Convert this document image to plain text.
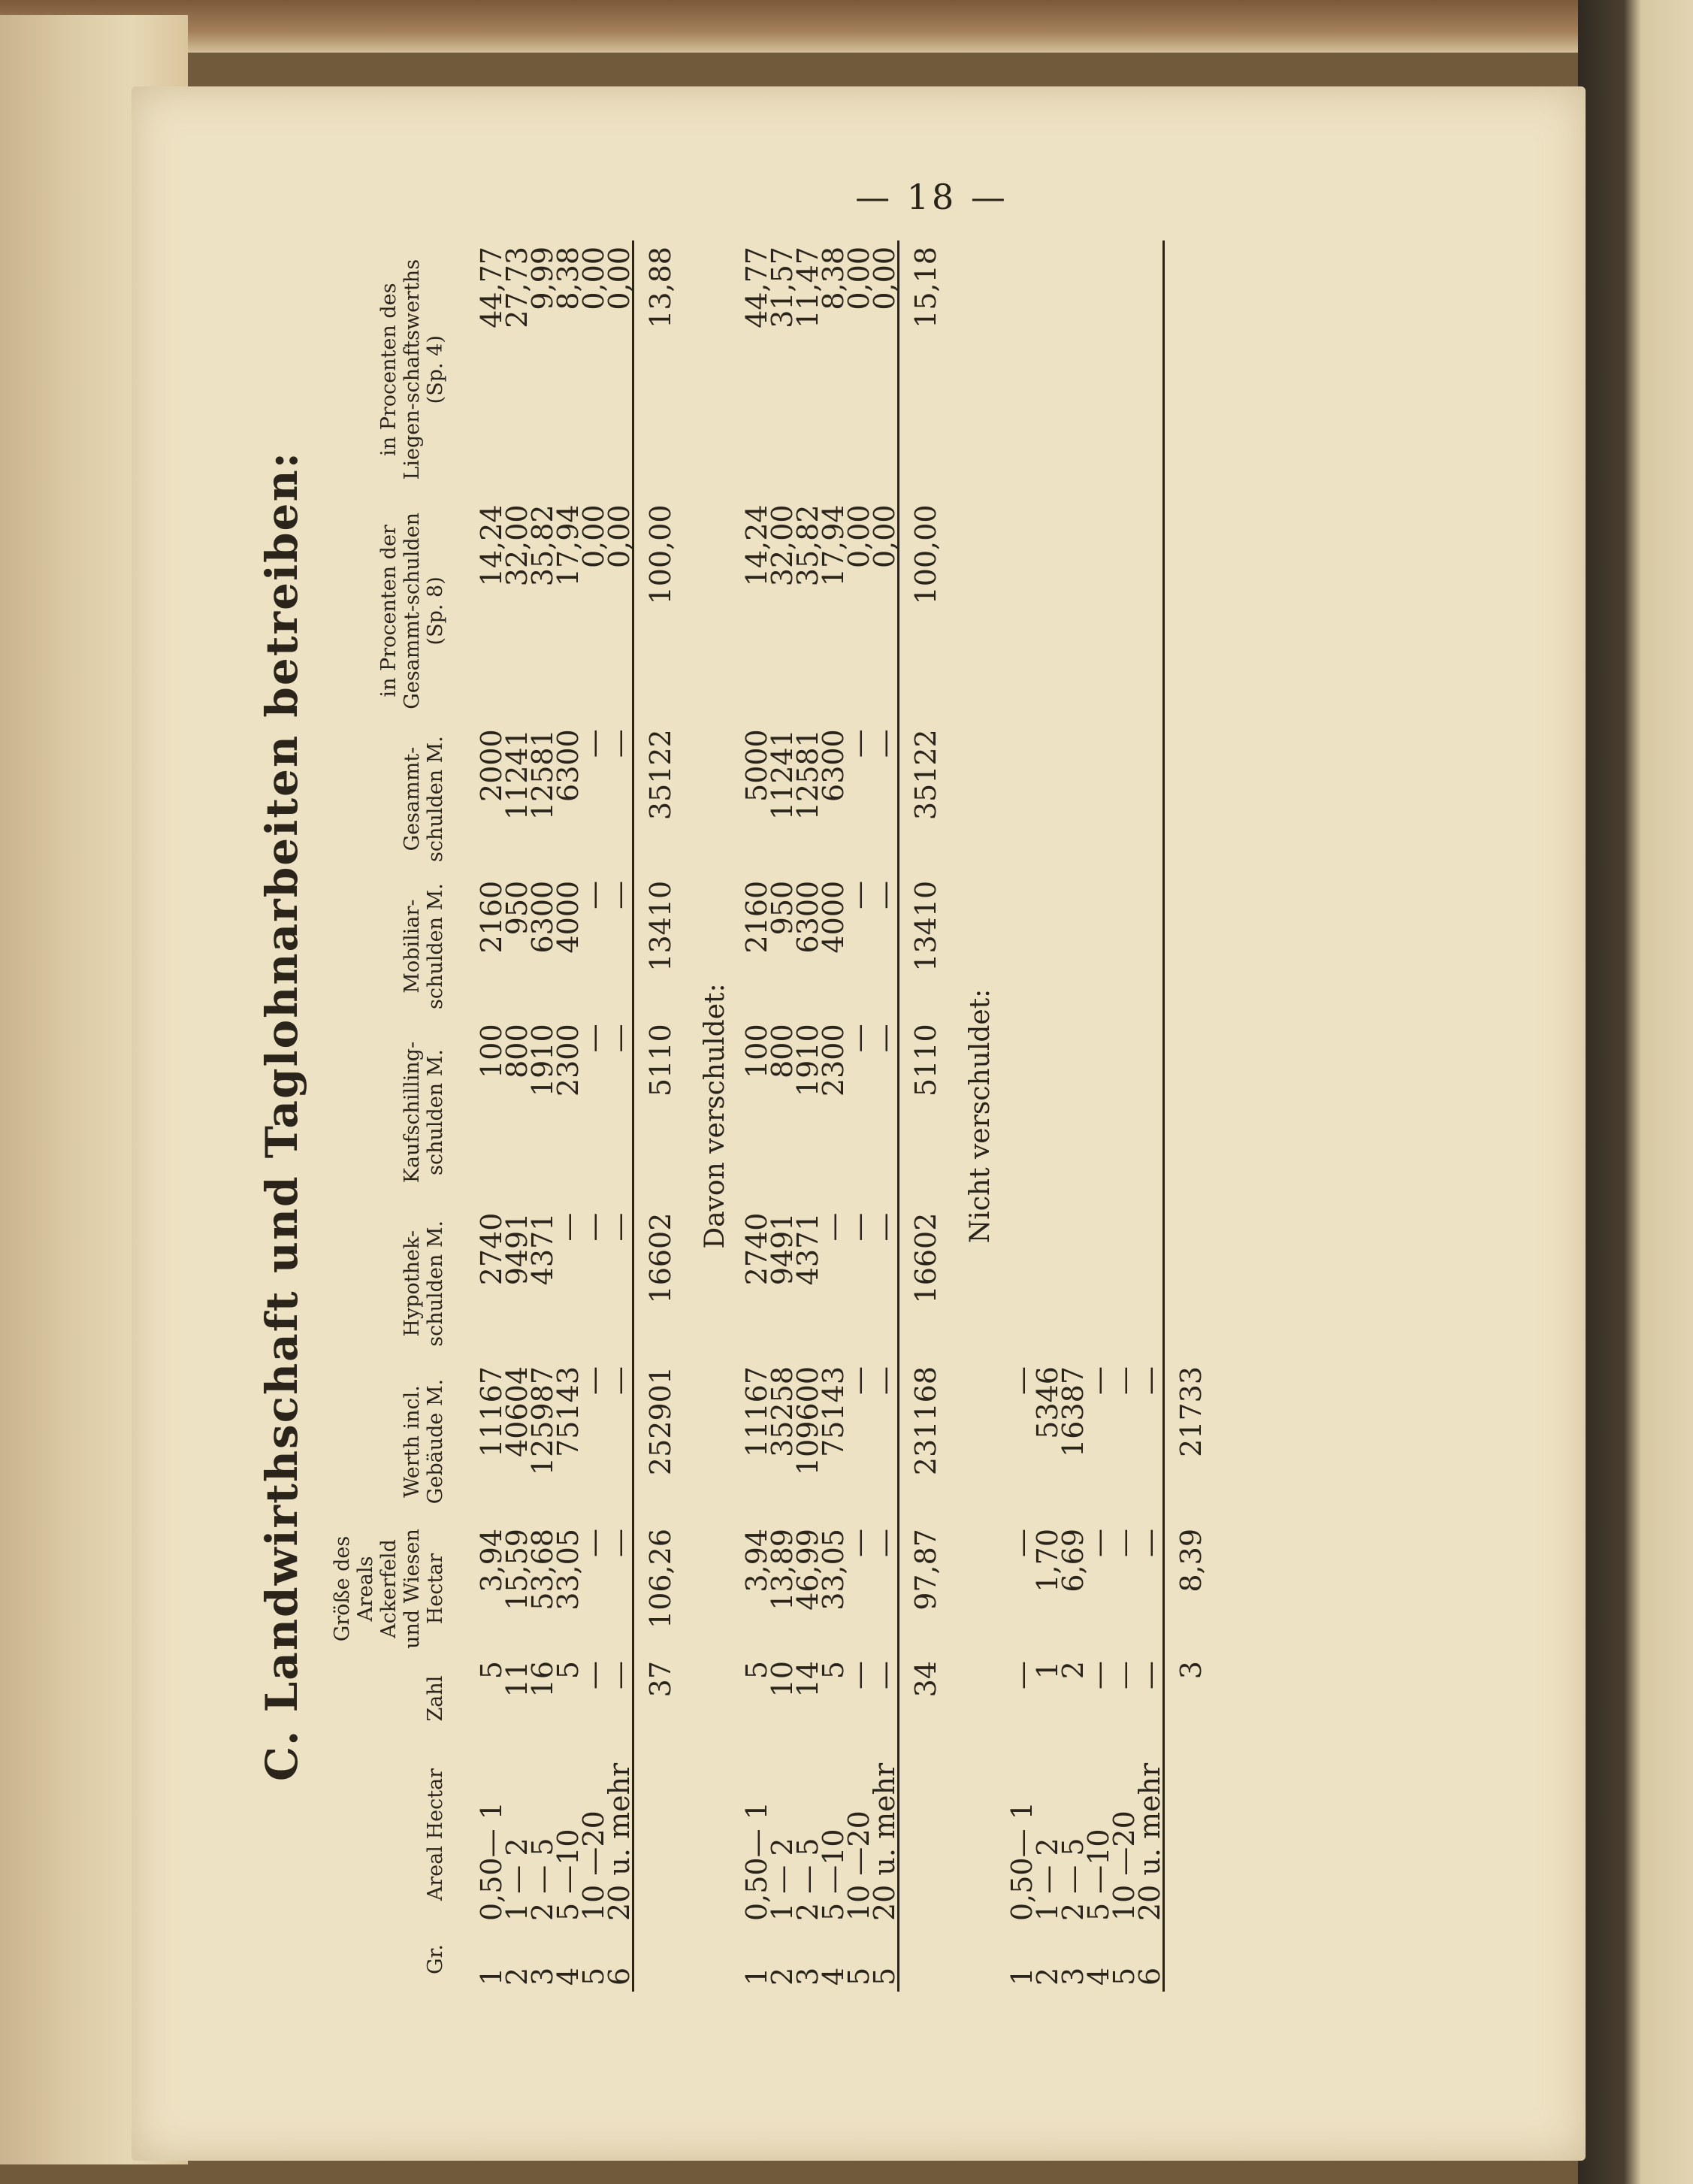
— 18 —
C. Landwirthschaft und Taglohnarbeiten betreiben:
Gr.	Areal Hectar	Zahl	Größe des Areals Ackerfeld und Wiesen Hectar	Werth incl. Gebäude M.	Hypothek-schulden M.	Kaufschilling-schulden M.	Mobiliar-schulden M.	Gesammt-schulden M.	in Procenten der Gesammt-schulden (Sp. 8)	in Procenten des Liegen-schaftswerths (Sp. 4)

1	0,50— 1	5	3,94	11167	2740	100	2160	2000	14,24	44,77
2	1 — 2	11	15,59	40604	9491	800	950	11241	32,00	27,73
3	2 — 5	16	53,68	125987	4371	1910	6300	12581	35,82	9,99
4	5 —10	5	33,05	75143	—	2300	4000	6300	17,94	8,38
5	10 —20	—	—	—	—	—	—	—	0,00	0,00
6	20 u. mehr	—	—	—	—	—	—	—	0,00	0,00
		37	106,26	252901	16602	5110	13410	35122	100,00	13,88
Davon verschuldet:										
1	0,50— 1	5	3,94	11167	2740	100	2160	5000	14,24	44,77
2	1 — 2	10	13,89	35258	9491	800	950	11241	32,00	31,57
3	2 — 5	14	46,99	109600	4371	1910	6300	12581	35,82	11,47
4	5 —10	5	33,05	75143	—	2300	4000	6300	17,94	8,38
5	10 —20	—	—	—	—	—	—	—	0,00	0,00
5	20 u. mehr	—	—	—	—	—	—	—	0,00	0,00
		34	97,87	231168	16602	5110	13410	35122	100,00	15,18
Nicht verschuldet:										
1	0,50— 1	—	—	—						
2	1 — 2	1	1,70	5346						
3	2 — 5	2	6,69	16387						
4	5 —10	—	—	—						
5	10 —20	—	—	—						
6	20 u. mehr	—	—	—						
		3	8,39	21733						
